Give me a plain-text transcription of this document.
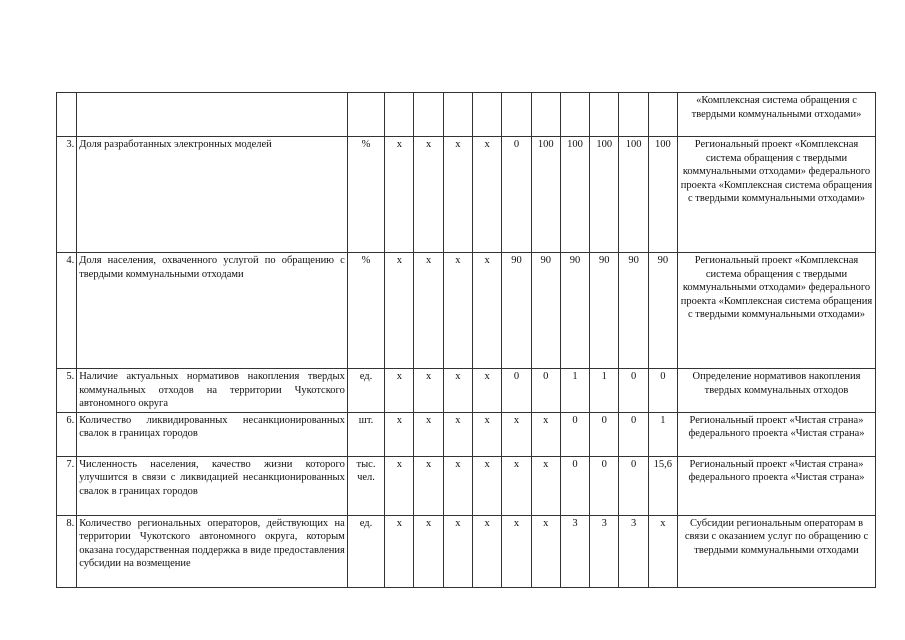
													«Комплексная система обращения с твердыми коммунальными отходами»
3.	Доля разработанных электронных моделей	%	x	x	x	x	0	100	100	100	100	100	Региональный проект «Комплексная система обращения с твердыми коммунальными отходами» федерального проекта «Комплексная система обращения с твердыми коммунальными отходами»
4.	Доля населения, охваченного услугой по обращению с твердыми коммунальными отходами	%	x	x	x	x	90	90	90	90	90	90	Региональный проект «Комплексная система обращения с твердыми коммунальными отходами» федерального проекта «Комплексная система обращения с твердыми коммунальными отходами»
5.	Наличие актуальных нормативов накопления твердых коммунальных отходов на территории Чукотского автономного округа	ед.	x	x	x	x	0	0	1	1	0	0	Определение нормативов накопления твердых коммунальных отходов
6.	Количество ликвидированных несанкционированных свалок в границах городов	шт.	x	x	x	x	x	x	0	0	0	1	Региональный проект «Чистая страна» федерального проекта «Чистая страна»
7.	Численность населения, качество жизни которого улучшится в связи с ликвидацией несанкционированных свалок в границах городов	тыс. чел.	x	x	x	x	x	x	0	0	0	15,6	Региональный проект «Чистая страна» федерального проекта «Чистая страна»
8.	Количество региональных операторов, действующих на территории Чукотского автономного округа, которым оказана государственная поддержка в виде предоставления субсидии на возмещение	ед.	x	x	x	x	x	x	3	3	3	x	Субсидии региональным операторам в связи с оказанием услуг по обращению с твердыми коммунальными отходами
